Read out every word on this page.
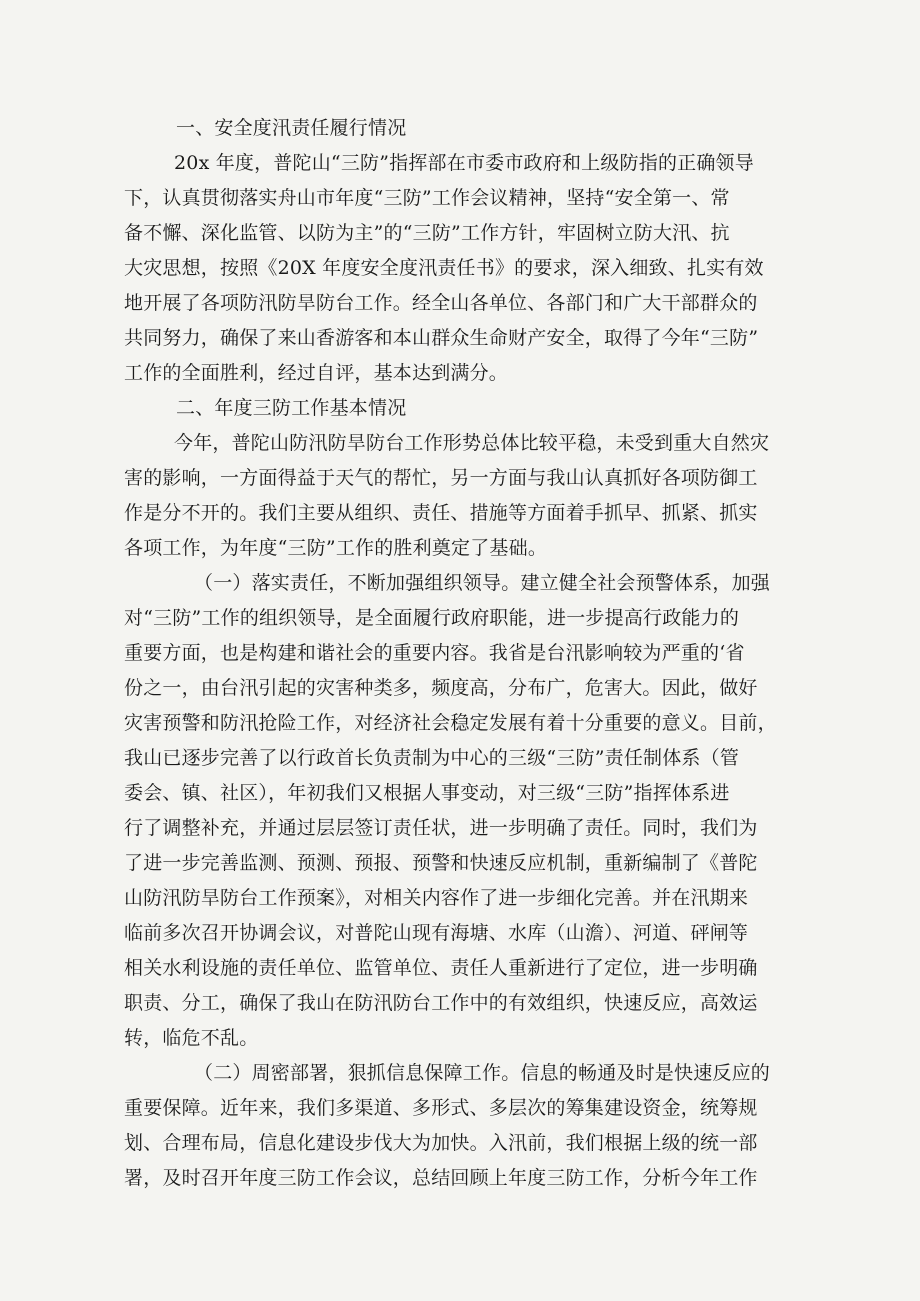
一、安全度汛责任履行情况
20x 年度，普陀山“三防”指挥部在市委市政府和上级防指的正确领导
下，认真贯彻落实舟山市年度“三防”工作会议精神，坚持“安全第一、常
备不懈、深化监管、以防为主”的“三防”工作方针，牢固树立防大汛、抗
大灾思想，按照《20X 年度安全度汛责任书》的要求，深入细致、扎实有效
地开展了各项防汛防旱防台工作。经全山各单位、各部门和广大干部群众的
共同努力，确保了来山香游客和本山群众生命财产安全，取得了今年“三防”
工作的全面胜利，经过自评，基本达到满分。
二、年度三防工作基本情况
今年，普陀山防汛防旱防台工作形势总体比较平稳，未受到重大自然灾
害的影响，一方面得益于天气的帮忙，另一方面与我山认真抓好各项防御工
作是分不开的。我们主要从组织、责任、措施等方面着手抓早、抓紧、抓实
各项工作，为年度“三防”工作的胜利奠定了基础。
（一）落实责任，不断加强组织领导。建立健全社会预警体系，加强
对“三防”工作的组织领导，是全面履行政府职能，进一步提高行政能力的
重要方面，也是构建和谐社会的重要内容。我省是台汛影响较为严重的‘省
份之一，由台汛引起的灾害种类多，频度高，分布广，危害大。因此，做好
灾害预警和防汛抢险工作，对经济社会稳定发展有着十分重要的意义。目前，
我山已逐步完善了以行政首长负责制为中心的三级“三防”责任制体系（管
委会、镇、社区），年初我们又根据人事变动，对三级“三防”指挥体系进
行了调整补充，并通过层层签订责任状，进一步明确了责任。同时，我们为
了进一步完善监测、预测、预报、预警和快速反应机制，重新编制了《普陀
山防汛防旱防台工作预案》，对相关内容作了进一步细化完善。并在汛期来
临前多次召开协调会议，对普陀山现有海塘、水库（山澹）、河道、砰闸等
相关水利设施的责任单位、监管单位、责任人重新进行了定位，进一步明确
职责、分工，确保了我山在防汛防台工作中的有效组织，快速反应，高效运
转，临危不乱。
（二）周密部署，狠抓信息保障工作。信息的畅通及时是快速反应的
重要保障。近年来，我们多渠道、多形式、多层次的筹集建设资金，统筹规
划、合理布局，信息化建设步伐大为加快。入汛前，我们根据上级的统一部
署，及时召开年度三防工作会议，总结回顾上年度三防工作，分析今年工作
